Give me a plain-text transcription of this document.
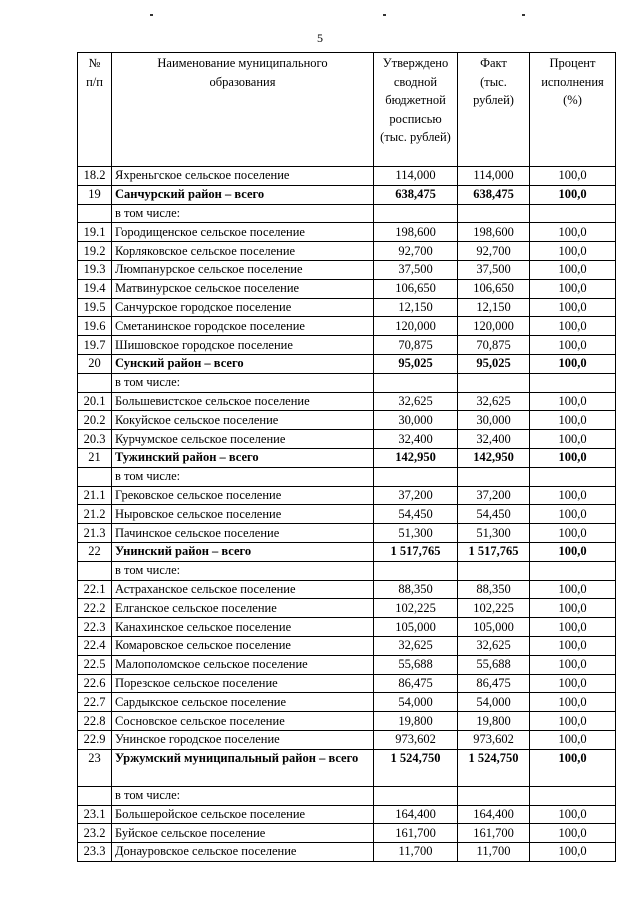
5
№ п/п	Наименование муниципального образования	Утверждено сводной бюджетной росписью (тыс. рублей)	Факт (тыс. рублей)	Процент исполнения (%)
18.2	Яхреньгское сельское поселение	114,000	114,000	100,0
19	Санчурский район – всего	638,475	638,475	100,0
	в том числе:			
19.1	Городищенское сельское поселение	198,600	198,600	100,0
19.2	Корляковское сельское поселение	92,700	92,700	100,0
19.3	Люмпанурское сельское поселение	37,500	37,500	100,0
19.4	Матвинурское сельское поселение	106,650	106,650	100,0
19.5	Санчурское городское поселение	12,150	12,150	100,0
19.6	Сметанинское городское поселение	120,000	120,000	100,0
19.7	Шишовское городское поселение	70,875	70,875	100,0
20	Сунский район – всего	95,025	95,025	100,0
	в том числе:			
20.1	Большевистское сельское поселение	32,625	32,625	100,0
20.2	Кокуйское сельское поселение	30,000	30,000	100,0
20.3	Курчумское сельское поселение	32,400	32,400	100,0
21	Тужинский район – всего	142,950	142,950	100,0
	в том числе:			
21.1	Грековское сельское поселение	37,200	37,200	100,0
21.2	Ныровское сельское поселение	54,450	54,450	100,0
21.3	Пачинское сельское поселение	51,300	51,300	100,0
22	Унинский район – всего	1 517,765	1 517,765	100,0
	в том числе:			
22.1	Астраханское сельское поселение	88,350	88,350	100,0
22.2	Елганское сельское поселение	102,225	102,225	100,0
22.3	Канахинское сельское поселение	105,000	105,000	100,0
22.4	Комаровское сельское поселение	32,625	32,625	100,0
22.5	Малополомское сельское поселение	55,688	55,688	100,0
22.6	Порезское сельское поселение	86,475	86,475	100,0
22.7	Сардыкское сельское поселение	54,000	54,000	100,0
22.8	Сосновское сельское поселение	19,800	19,800	100,0
22.9	Унинское городское поселение	973,602	973,602	100,0
23	Уржумский муниципальный район – всего	1 524,750	1 524,750	100,0
	в том числе:			
23.1	Большеройское сельское поселение	164,400	164,400	100,0
23.2	Буйское сельское поселение	161,700	161,700	100,0
23.3	Донауровское сельское поселение	11,700	11,700	100,0
